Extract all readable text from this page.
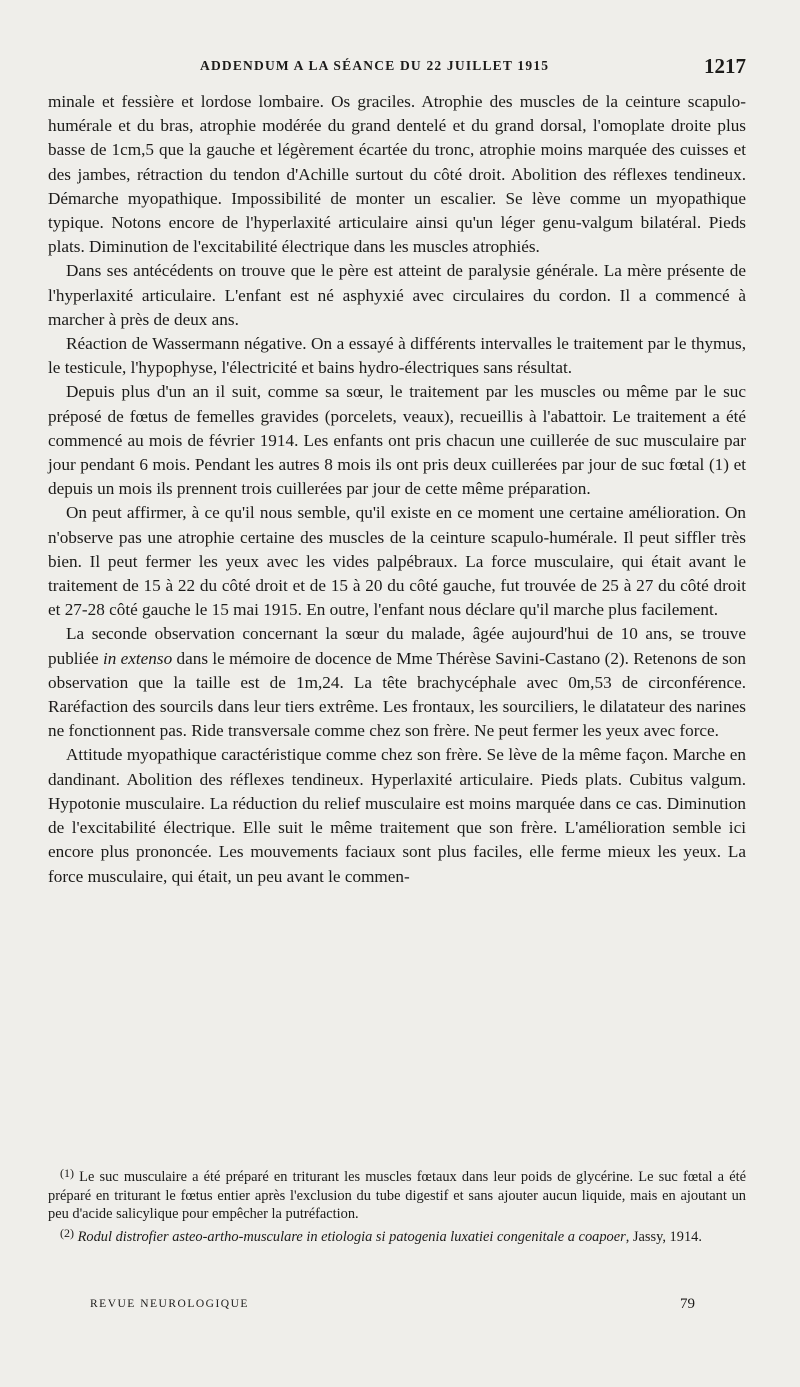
ADDENDUM A LA SÉANCE DU 22 JUILLET 1915	1217

minale et fessière et lordose lombaire. Os graciles. Atrophie des muscles de la ceinture scapulo-humérale et du bras, atrophie modérée du grand dentelé et du grand dorsal, l'omoplate droite plus basse de 1cm,5 que la gauche et légèrement écartée du tronc, atrophie moins marquée des cuisses et des jambes, rétraction du tendon d'Achille surtout du côté droit. Abolition des réflexes tendineux. Démarche myopathique. Impossibilité de monter un escalier. Se lève comme un myopathique typique. Notons encore de l'hyperlaxité articulaire ainsi qu'un léger genu-valgum bilatéral. Pieds plats. Diminution de l'excitabilité électrique dans les muscles atrophiés.

Dans ses antécédents on trouve que le père est atteint de paralysie générale. La mère présente de l'hyperlaxité articulaire. L'enfant est né asphyxié avec circulaires du cordon. Il a commencé à marcher à près de deux ans.

Réaction de Wassermann négative. On a essayé à différents intervalles le traitement par le thymus, le testicule, l'hypophyse, l'électricité et bains hydro-électriques sans résultat.

Depuis plus d'un an il suit, comme sa sœur, le traitement par les muscles ou même par le suc préposé de fœtus de femelles gravides (porcelets, veaux), recueillis à l'abattoir. Le traitement a été commencé au mois de février 1914. Les enfants ont pris chacun une cuillerée de suc musculaire par jour pendant 6 mois. Pendant les autres 8 mois ils ont pris deux cuillerées par jour de suc fœtal (1) et depuis un mois ils prennent trois cuillerées par jour de cette même préparation.

On peut affirmer, à ce qu'il nous semble, qu'il existe en ce moment une certaine amélioration. On n'observe pas une atrophie certaine des muscles de la ceinture scapulo-humérale. Il peut siffler très bien. Il peut fermer les yeux avec les vides palpébraux. La force musculaire, qui était avant le traitement de 15 à 22 du côté droit et de 15 à 20 du côté gauche, fut trouvée de 25 à 27 du côté droit et 27-28 côté gauche le 15 mai 1915. En outre, l'enfant nous déclare qu'il marche plus facilement.

La seconde observation concernant la sœur du malade, âgée aujourd'hui de 10 ans, se trouve publiée in extenso dans le mémoire de docence de Mme Thérèse Savini-Castano (2). Retenons de son observation que la taille est de 1m,24. La tête brachycéphale avec 0m,53 de circonférence. Raréfaction des sourcils dans leur tiers extrême. Les frontaux, les sourciliers, le dilatateur des narines ne fonctionnent pas. Ride transversale comme chez son frère. Ne peut fermer les yeux avec force.

Attitude myopathique caractéristique comme chez son frère. Se lève de la même façon. Marche en dandinant. Abolition des réflexes tendineux. Hyperlaxité articulaire. Pieds plats. Cubitus valgum. Hypotonie musculaire. La réduction du relief musculaire est moins marquée dans ce cas. Diminution de l'excitabilité électrique. Elle suit le même traitement que son frère. L'amélioration semble ici encore plus prononcée. Les mouvements faciaux sont plus faciles, elle ferme mieux les yeux. La force musculaire, qui était, un peu avant le commen-

$^{(1)}$ Le suc musculaire a été préparé en triturant les muscles fœtaux dans leur poids de glycérine. Le suc fœtal a été préparé en triturant le fœtus entier après l'exclusion du tube digestif et sans ajouter aucun liquide, mais en ajoutant un peu d'acide salicylique pour empêcher la putréfaction.

$^{(2)}$ Rodul distrofier asteo-artho-musculare in etiologia si patogenia luxatiei congenitale a coapoer, Jassy, 1914.

REVUE NEUROLOGIQUE	79
